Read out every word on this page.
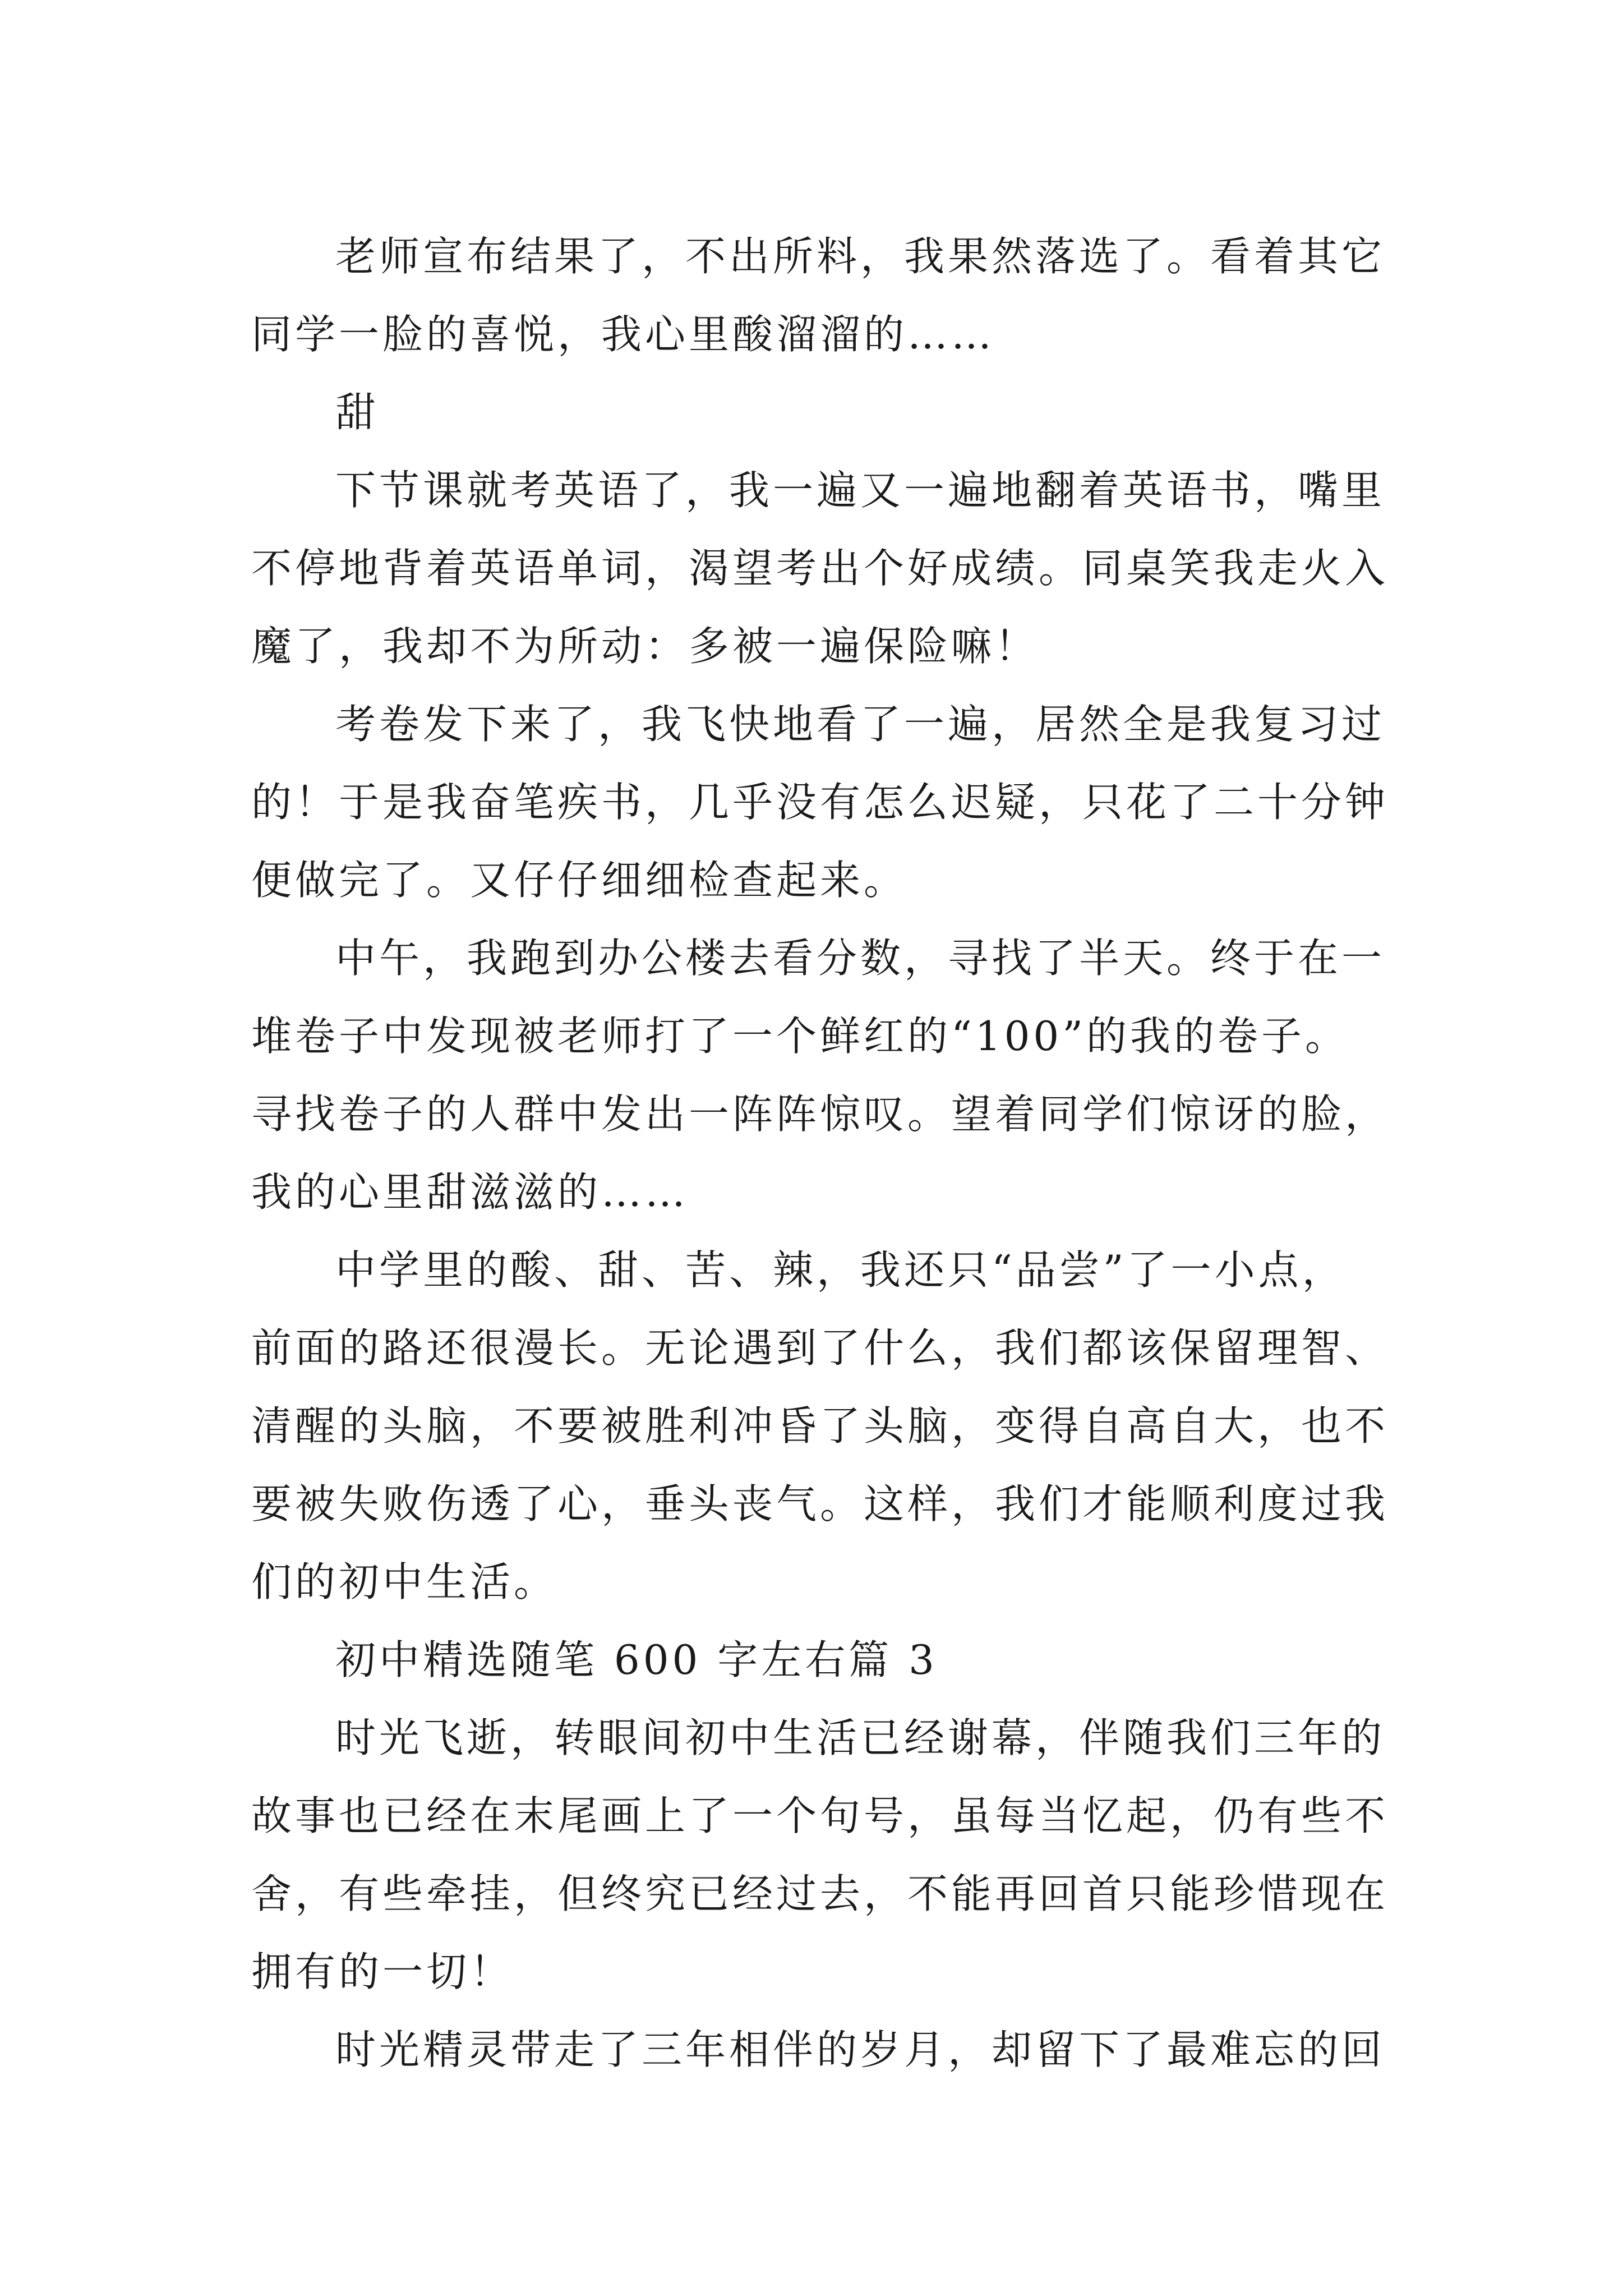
老师宣布结果了，不出所料，我果然落选了。看着其它
同学一脸的喜悦，我心里酸溜溜的……
甜
下节课就考英语了，我一遍又一遍地翻着英语书，嘴里
不停地背着英语单词，渴望考出个好成绩。同桌笑我走火入
魔了，我却不为所动：多被一遍保险嘛！
考卷发下来了，我飞快地看了一遍，居然全是我复习过
的！于是我奋笔疾书，几乎没有怎么迟疑，只花了二十分钟
便做完了。又仔仔细细检查起来。
中午，我跑到办公楼去看分数，寻找了半天。终于在一
堆卷子中发现被老师打了一个鲜红的“100”的我的卷子。
寻找卷子的人群中发出一阵阵惊叹。望着同学们惊讶的脸，
我的心里甜滋滋的……
中学里的酸、甜、苦、辣，我还只“品尝”了一小点，
前面的路还很漫长。无论遇到了什么，我们都该保留理智、
清醒的头脑，不要被胜利冲昏了头脑，变得自高自大，也不
要被失败伤透了心，垂头丧气。这样，我们才能顺利度过我
们的初中生活。
初中精选随笔 600 字左右篇 3
时光飞逝，转眼间初中生活已经谢幕，伴随我们三年的
故事也已经在末尾画上了一个句号，虽每当忆起，仍有些不
舍，有些牵挂，但终究已经过去，不能再回首只能珍惜现在
拥有的一切！
时光精灵带走了三年相伴的岁月，却留下了最难忘的回
